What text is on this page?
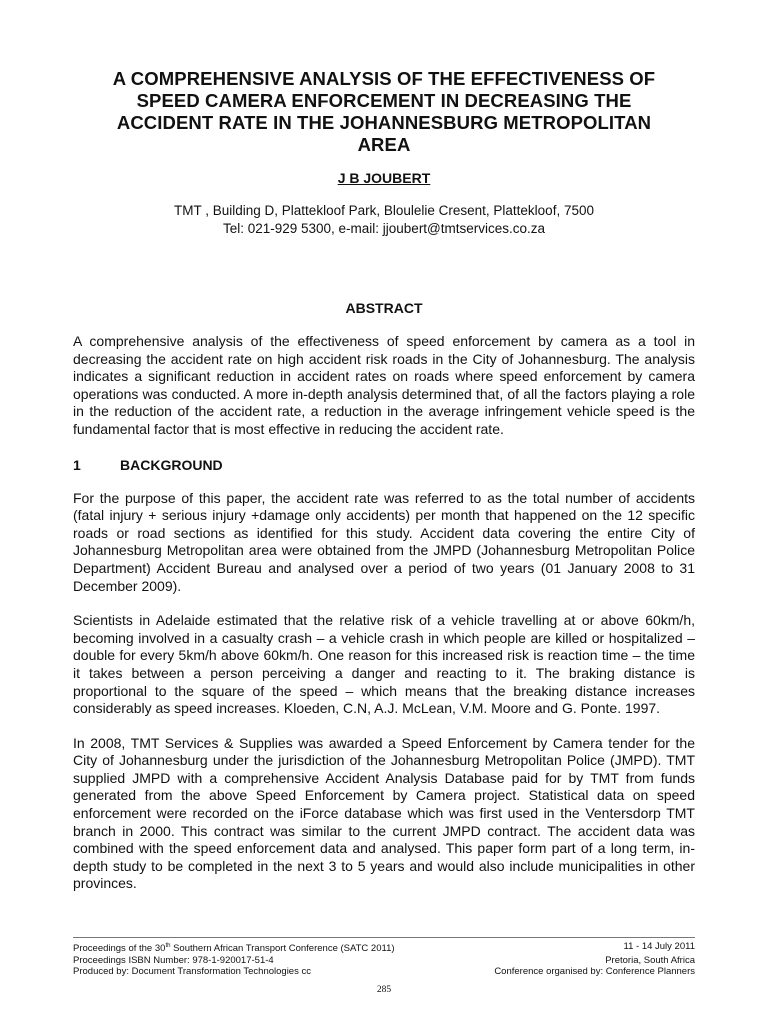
A COMPREHENSIVE ANALYSIS OF THE EFFECTIVENESS OF
SPEED CAMERA ENFORCEMENT IN DECREASING THE
ACCIDENT RATE IN THE JOHANNESBURG METROPOLITAN
AREA
J B JOUBERT
TMT , Building D, Plattekloof Park, Bloulelie Cresent, Plattekloof, 7500
Tel: 021-929 5300, e-mail: jjoubert@tmtservices.co.za
ABSTRACT

A comprehensive analysis of the effectiveness of speed enforcement by camera as a tool in decreasing the accident rate on high accident risk roads in the City of Johannesburg. The analysis indicates a significant reduction in accident rates on roads where speed enforcement by camera operations was conducted. A more in-depth analysis determined that, of all the factors playing a role in the reduction of the accident rate, a reduction in the average infringement vehicle speed is the fundamental factor that is most effective in reducing the accident rate.

1	BACKGROUND

For the purpose of this paper, the accident rate was referred to as the total number of accidents (fatal injury + serious injury +damage only accidents) per month that happened on the 12 specific roads or road sections as identified for this study. Accident data covering the entire City of Johannesburg Metropolitan area were obtained from the JMPD (Johannesburg Metropolitan Police Department) Accident Bureau and analysed over a period of two years (01 January 2008 to 31 December 2009).

Scientists in Adelaide estimated that the relative risk of a vehicle travelling at or above 60km/h, becoming involved in a casualty crash – a vehicle crash in which people are killed or hospitalized – double for every 5km/h above 60km/h. One reason for this increased risk is reaction time – the time it takes between a person perceiving a danger and reacting to it. The braking distance is proportional to the square of the speed – which means that the breaking distance increases considerably as speed increases. Kloeden, C.N, A.J. McLean, V.M. Moore and G. Ponte. 1997.

In 2008, TMT Services & Supplies was awarded a Speed Enforcement by Camera tender for the City of Johannesburg under the jurisdiction of the Johannesburg Metropolitan Police (JMPD). TMT supplied JMPD with a comprehensive Accident Analysis Database paid for by TMT from funds generated from the above Speed Enforcement by Camera project. Statistical data on speed enforcement were recorded on the iForce database which was first used in the Ventersdorp TMT branch in 2000. This contract was similar to the current JMPD contract. The accident data was combined with the speed enforcement data and analysed. This paper form part of a long term, in-depth study to be completed in the next 3 to 5 years and would also include municipalities in other provinces.

Proceedings of the 30th Southern African Transport Conference (SATC 2011)	11 - 14 July 2011
Proceedings ISBN Number: 978-1-920017-51-4	Pretoria, South Africa
Produced by: Document Transformation Technologies cc	Conference organised by: Conference Planners
285
